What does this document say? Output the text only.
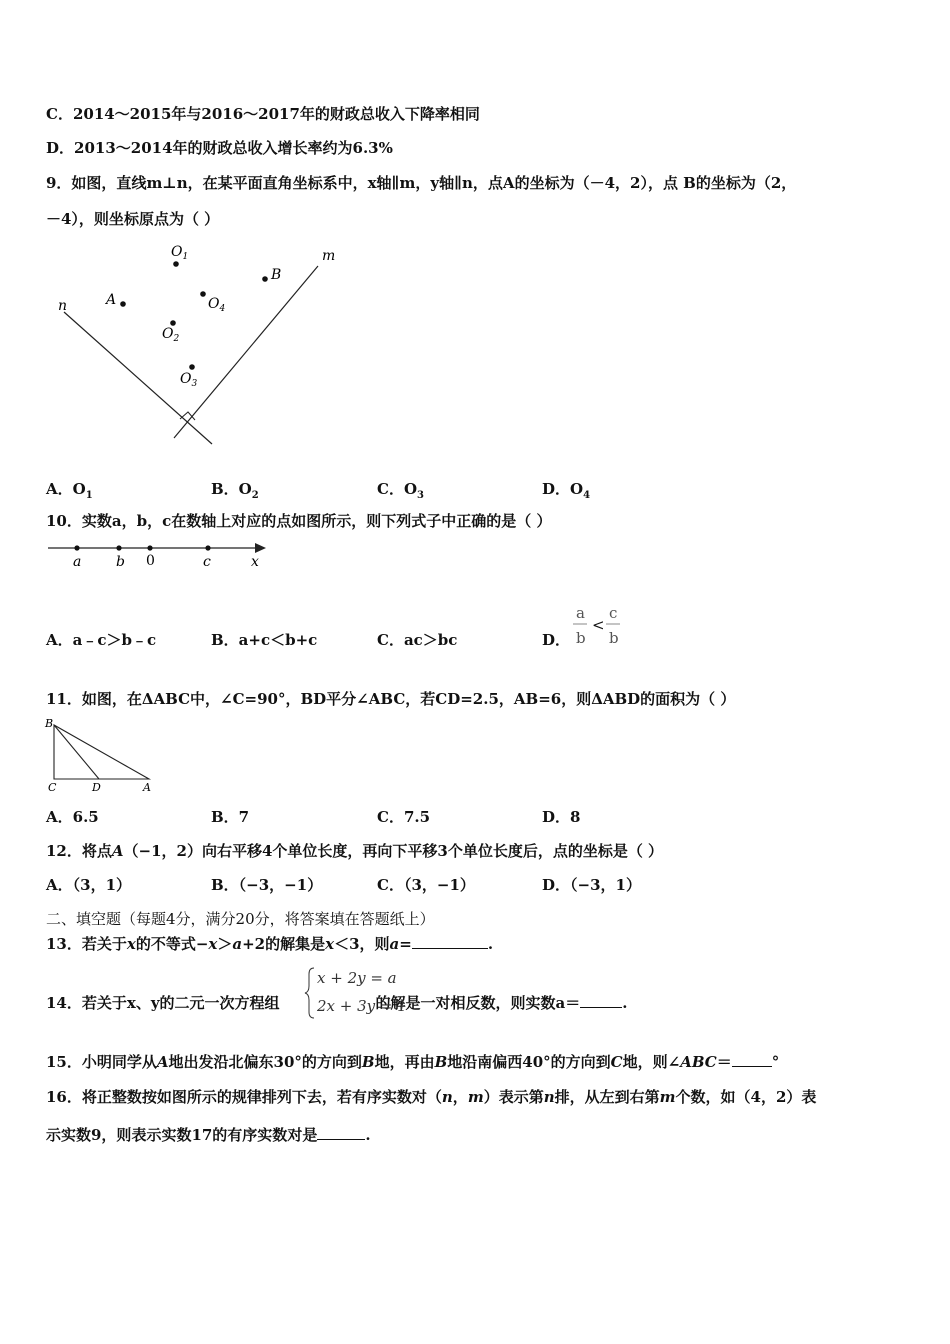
C．2014～2015年与2016～2017年的财政总收入下降率相同
D．2013～2014年的财政总收入增长率约为6.3%
9．如图，直线m⊥n，在某平面直角坐标系中，x轴∥m，y轴∥n，点A的坐标为（－4，2），点 B的坐标为（2，
－4），则坐标原点为（ ）
n
m
A
B
$O_1$
$O_4$
$O_2$
$O_3$
A．$O_1$	B．$O_2$	C．$O_3$	D．$O_4$
10．实数a，b，c在数轴上对应的点如图所示，则下列式子中正确的是（ ）
a b 0	c	x
A．a﹣c＞b﹣c	B．a+c＜b+c	C．ac＞bc	D．
a
b
<
c
b
11．如图，在ΔABC中，∠C=90°，BD平分∠ABC，若CD=2.5，AB=6，则ΔABD的面积为（ ）
B
C	D	A
A．6.5	B．7	C．7.5	D．8
12．将点A（−1，2）向右平移4个单位长度，再向下平移3个单位长度后，点的坐标是（ ）
A．（3，1）	B．（−3，−1）	C．（3，−1）	D．（−3，1）
二、填空题（每题4分，满分20分，将答案填在答题纸上）
13．若关于x的不等式−x＞a+2的解集是x＜3，则a=	.
14．若关于x、y的二元一次方程组	的解是一对相反数，则实数a＝	.
x + 2y = a
2x + 3y = 1
15．小明同学从A地出发沿北偏东30°的方向到B地，再由B地沿南偏西40°的方向到C地，则∠ABC＝	°
16．将正整数按如图所示的规律排列下去，若有序实数对（n，m）表示第n排，从左到右第m个数，如（4，2）表
示实数9，则表示实数17的有序实数对是	.
